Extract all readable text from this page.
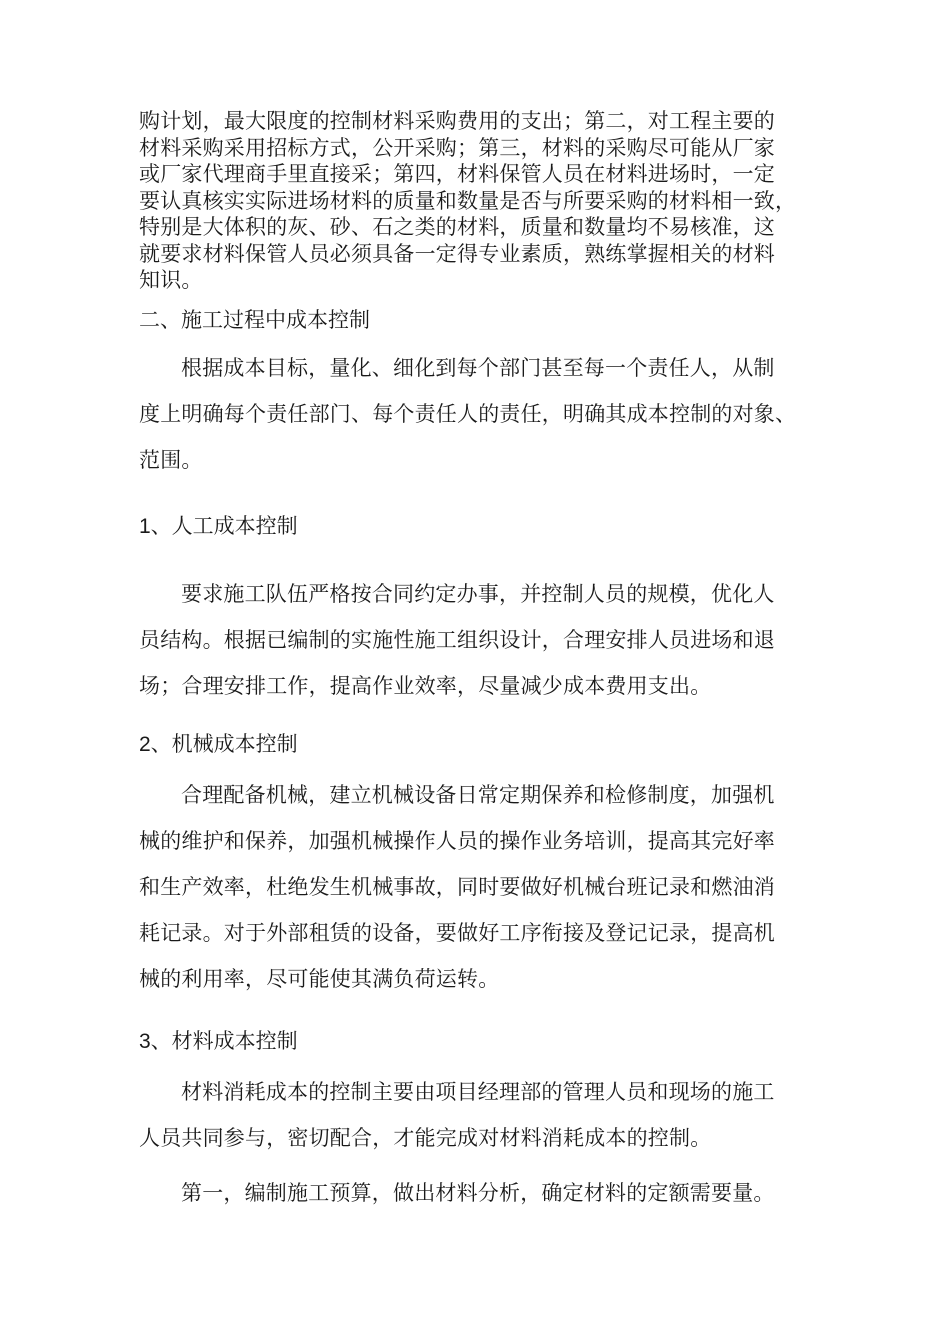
购计划，最大限度的控制材料采购费用的支出；第二，对工程主要的
材料采购采用招标方式，公开采购；第三，材料的采购尽可能从厂家
或厂家代理商手里直接采；第四，材料保管人员在材料进场时，一定
要认真核实实际进场材料的质量和数量是否与所要采购的材料相一致，
特别是大体积的灰、砂、石之类的材料，质量和数量均不易核准，这
就要求材料保管人员必须具备一定得专业素质，熟练掌握相关的材料
知识。
二、施工过程中成本控制
根据成本目标，量化、细化到每个部门甚至每一个责任人，从制
度上明确每个责任部门、每个责任人的责任，明确其成本控制的对象、
范围。
1、人工成本控制
要求施工队伍严格按合同约定办事，并控制人员的规模，优化人
员结构。根据已编制的实施性施工组织设计，合理安排人员进场和退
场；合理安排工作，提高作业效率，尽量减少成本费用支出。
2、机械成本控制
合理配备机械，建立机械设备日常定期保养和检修制度，加强机
械的维护和保养，加强机械操作人员的操作业务培训，提高其完好率
和生产效率，杜绝发生机械事故，同时要做好机械台班记录和燃油消
耗记录。对于外部租赁的设备，要做好工序衔接及登记记录，提高机
械的利用率，尽可能使其满负荷运转。
3、材料成本控制
材料消耗成本的控制主要由项目经理部的管理人员和现场的施工
人员共同参与，密切配合，才能完成对材料消耗成本的控制。
第一，编制施工预算，做出材料分析，确定材料的定额需要量。
